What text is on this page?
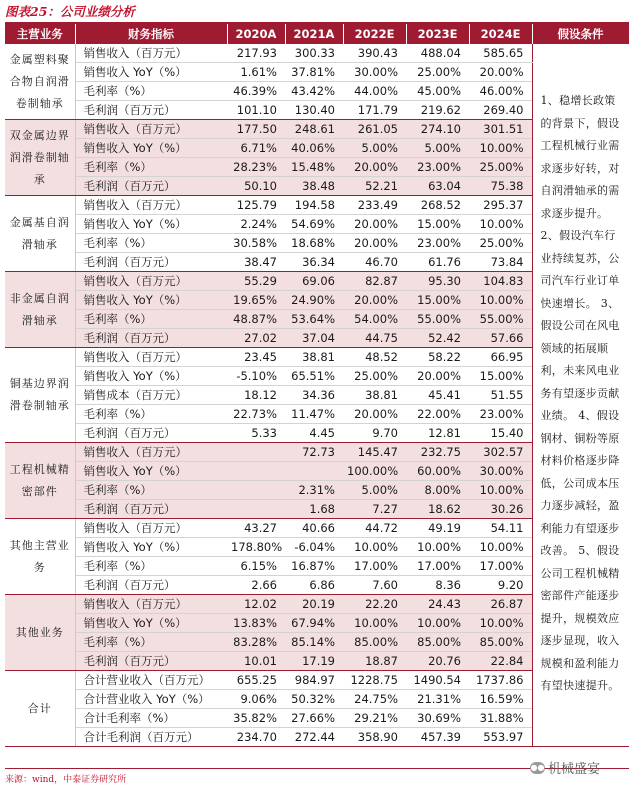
图表25：公司业绩分析
主营业务	财务指标	2020A	2021A	2022E	2023E	2024E	假设条件
金属塑料聚合物自润滑卷制轴承	销售收入（百万元）	217.93	300.33	390.43	488.04	585.65	1、稳增长政策的背景下，假设工程机械行业需求逐步好转，对自润滑轴承的需求逐步提升。 2、假设汽车行业持续复苏，公司汽车行业订单快速增长。 3、假设公司在风电领域的拓展顺利，未来风电业务有望逐步贡献业绩。 4、假设钢材、铜粉等原材料价格逐步降低，公司成本压力逐步减轻，盈利能力有望逐步改善。 5、假设公司工程机械精密部件产能逐步提升，规模效应逐步显现，收入规模和盈利能力有望快速提升。
	销售收入 YoY（%）	1.61%	37.81%	30.00%	25.00%	20.00%	
	毛利率（%）	46.39%	43.42%	44.00%	45.00%	46.00%	
	毛利润（百万元）	101.10	130.40	171.79	219.62	269.40	
双金属边界润滑卷制轴承	销售收入（百万元）	177.50	248.61	261.05	274.10	301.51	
	销售收入 YoY（%）	6.71%	40.06%	5.00%	5.00%	10.00%	
	毛利率（%）	28.23%	15.48%	20.00%	23.00%	25.00%	
	毛利润（百万元）	50.10	38.48	52.21	63.04	75.38	
金属基自润滑轴承	销售收入（百万元）	125.79	194.58	233.49	268.52	295.37	
	销售收入 YoY（%）	2.24%	54.69%	20.00%	15.00%	10.00%	
	毛利率（%）	30.58%	18.68%	20.00%	23.00%	25.00%	
	毛利润（百万元）	38.47	36.34	46.70	61.76	73.84	
非金属自润滑轴承	销售收入（百万元）	55.29	69.06	82.87	95.30	104.83	
	销售收入 YoY（%）	19.65%	24.90%	20.00%	15.00%	10.00%	
	毛利率（%）	48.87%	53.64%	54.00%	55.00%	55.00%	
	毛利润（百万元）	27.02	37.04	44.75	52.42	57.66	
铜基边界润滑卷制轴承	销售收入（百万元）	23.45	38.81	48.52	58.22	66.95	
	销售收入 YoY（%）	-5.10%	65.51%	25.00%	20.00%	15.00%	
	销售成本（百万元）	18.12	34.36	38.81	45.41	51.55	
	毛利率（%）	22.73%	11.47%	20.00%	22.00%	23.00%	
	毛利润（百万元）	5.33	4.45	9.70	12.81	15.40	
工程机械精密部件	销售收入（百万元）		72.73	145.47	232.75	302.57	
	销售收入 YoY（%）			100.00%	60.00%	30.00%	
	毛利率（%）		2.31%	5.00%	8.00%	10.00%	
	毛利润（百万元）		1.68	7.27	18.62	30.26	
其他主营业务	销售收入（百万元）	43.27	40.66	44.72	49.19	54.11	
	销售收入 YoY（%）	178.80%	-6.04%	10.00%	10.00%	10.00%	
	毛利率（%）	6.15%	16.87%	17.00%	17.00%	17.00%	
	毛利润（百万元）	2.66	6.86	7.60	8.36	9.20	
其他业务	销售收入（百万元）	12.02	20.19	22.20	24.43	26.87	
	销售收入 YoY（%）	13.83%	67.94%	10.00%	10.00%	10.00%	
	毛利率（%）	83.28%	85.14%	85.00%	85.00%	85.00%	
	毛利润（百万元）	10.01	17.19	18.87	20.76	22.84	
合计	合计营业收入（百万元）	655.25	984.97	1228.75	1490.54	1737.86	
	合计营业收入 YoY（%）	9.06%	50.32%	24.75%	21.31%	16.59%	
	合计毛利率（%）	35.82%	27.66%	29.21%	30.69%	31.88%	
	合计毛利润（百万元）	234.70	272.44	358.90	457.39	553.97	
来源：wind，中泰证券研究所
●● 机械盛宴
